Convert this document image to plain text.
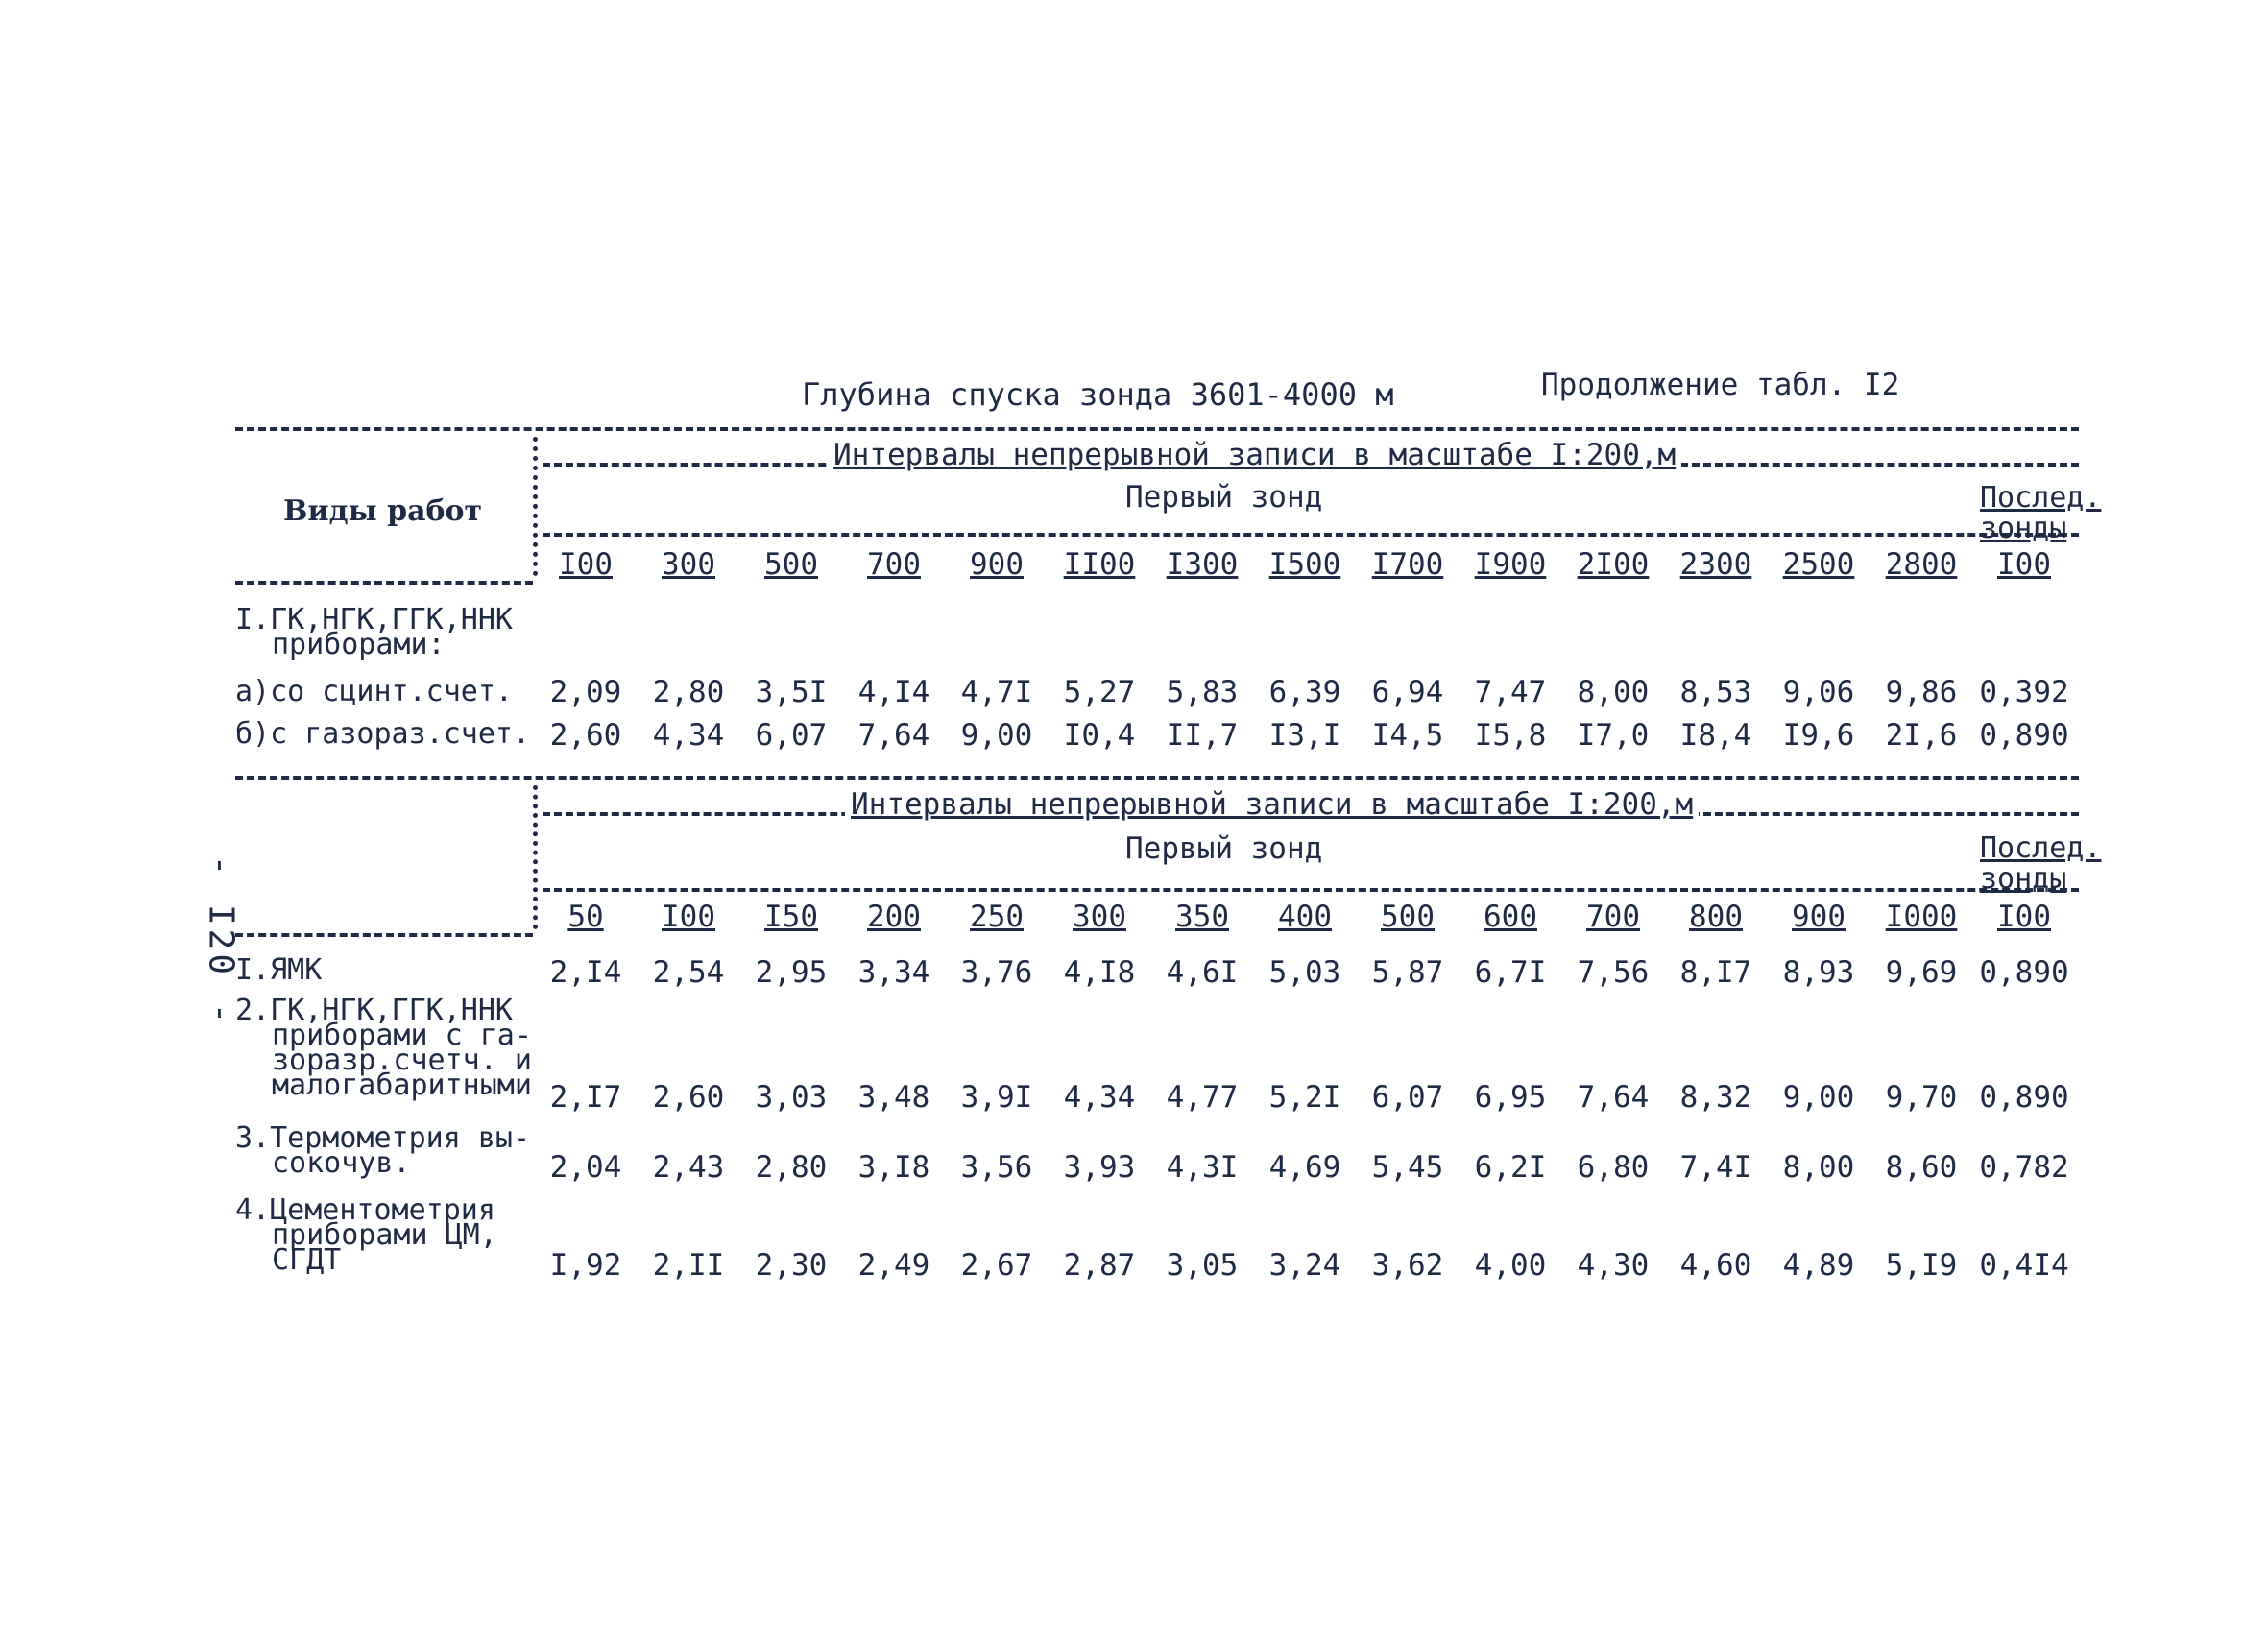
- I20 -
Глубина спуска зонда 3601-4000 м	Продолжение табл. I2
Интервалы непрерывной записи в масштабе I:200,м
Виды работ	Первый зонд	Послед.
зонды
I00	300	500	700	900	II00	I300	I500	I700	I900	2I00	2300	2500	2800	I00
I.ГК,НГК,ГГК,ННК
приборами:
а)со сцинт.счет.	2,09	2,80	3,5I	4,I4	4,7I	5,27	5,83	6,39	6,94	7,47	8,00	8,53	9,06	9,86 0,392
б)с газораз.счет. 2,60	4,34	6,07	7,64	9,00	I0,4	II,7	I3,I	I4,5	I5,8	I7,0	I8,4	I9,6	2I,6 0,890
Интервалы непрерывной записи в масштабе I:200,м
Первый зонд	Послед.
зонды
50	I00	I50	200	250	300	350	400	500	600	700	800	900	I000	I00
I.ЯМК	2,I4	2,54	2,95	3,34	3,76	4,I8	4,6I	5,03	5,87	6,7I	7,56	8,I7	8,93	9,69 0,890
2.ГК,НГК,ГГК,ННК
приборами с га-
зоразр.счетч. и
малогабаритными 2,I7	2,60	3,03	3,48	3,9I	4,34	4,77	5,2I	6,07	6,95	7,64	8,32	9,00	9,70 0,890
3.Термометрия вы-
сокочув.	2,04	2,43	2,80	3,I8	3,56	3,93	4,3I	4,69	5,45	6,2I	6,80	7,4I	8,00	8,60 0,782
4.Цементометрия
приборами ЦМ,
СГДТ	I,92	2,II	2,30	2,49	2,67	2,87	3,05	3,24	3,62	4,00	4,30	4,60	4,89	5,I9 0,4I4
